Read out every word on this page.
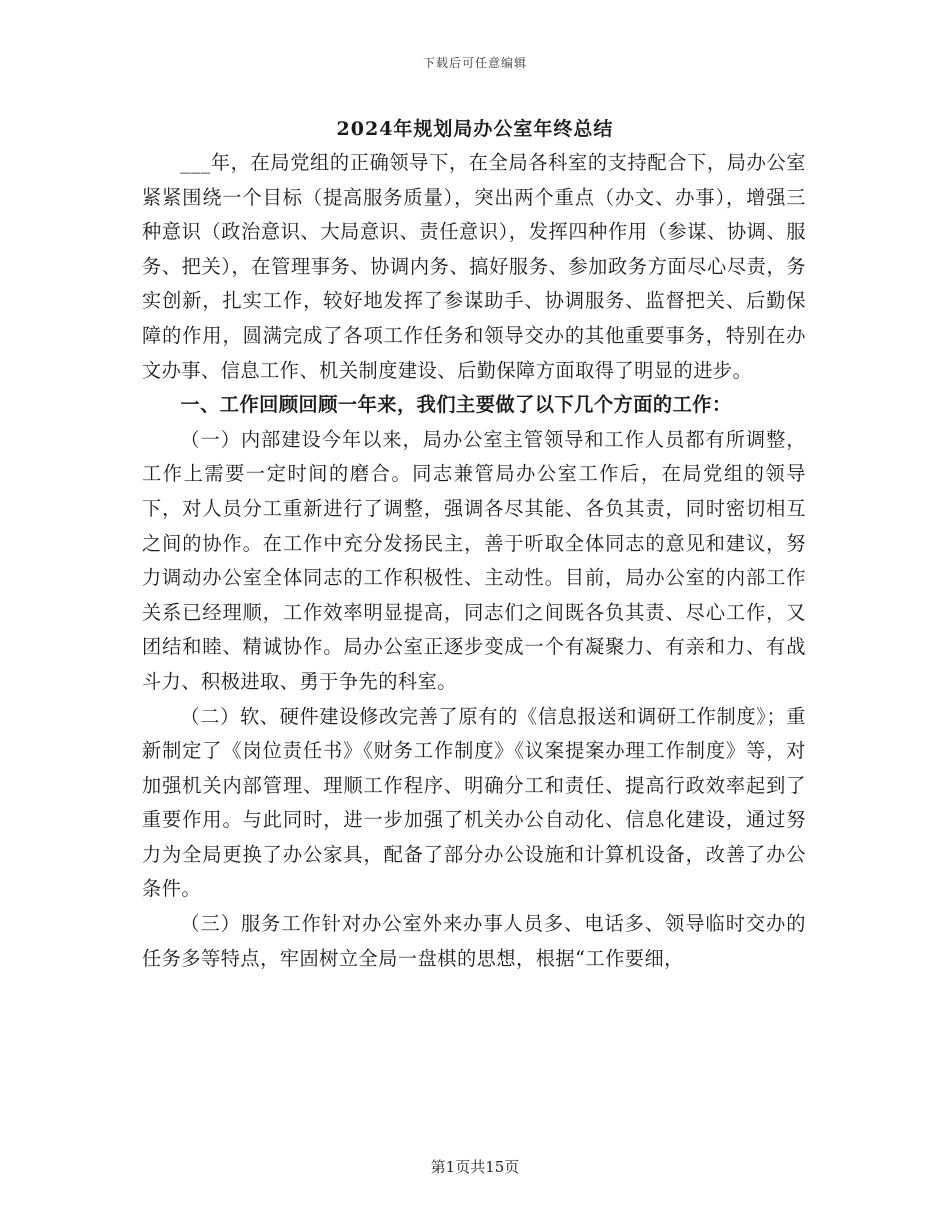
下载后可任意编辑
2024年规划局办公室年终总结

___年，在局党组的正确领导下，在全局各科室的支持配合下，局办公室紧紧围绕一个目标（提高服务质量），突出两个重点（办文、办事），增强三种意识（政治意识、大局意识、责任意识），发挥四种作用（参谋、协调、服务、把关），在管理事务、协调内务、搞好服务、参加政务方面尽心尽责，务实创新，扎实工作，较好地发挥了参谋助手、协调服务、监督把关、后勤保障的作用，圆满完成了各项工作任务和领导交办的其他重要事务，特别在办文办事、信息工作、机关制度建设、后勤保障方面取得了明显的进步。

一、工作回顾回顾一年来，我们主要做了以下几个方面的工作：

（一）内部建设今年以来，局办公室主管领导和工作人员都有所调整，工作上需要一定时间的磨合。同志兼管局办公室工作后，在局党组的领导下，对人员分工重新进行了调整，强调各尽其能、各负其责，同时密切相互之间的协作。在工作中充分发扬民主，善于听取全体同志的意见和建议，努力调动办公室全体同志的工作积极性、主动性。目前，局办公室的内部工作关系已经理顺，工作效率明显提高，同志们之间既各负其责、尽心工作，又团结和睦、精诚协作。局办公室正逐步变成一个有凝聚力、有亲和力、有战斗力、积极进取、勇于争先的科室。

（二）软、硬件建设修改完善了原有的《信息报送和调研工作制度》；重新制定了《岗位责任书》《财务工作制度》《议案提案办理工作制度》等，对加强机关内部管理、理顺工作程序、明确分工和责任、提高行政效率起到了重要作用。与此同时，进一步加强了机关办公自动化、信息化建设，通过努力为全局更换了办公家具，配备了部分办公设施和计算机设备，改善了办公条件。

（三）服务工作针对办公室外来办事人员多、电话多、领导临时交办的任务多等特点，牢固树立全局一盘棋的思想，根据“工作要细，

第1页共15页
